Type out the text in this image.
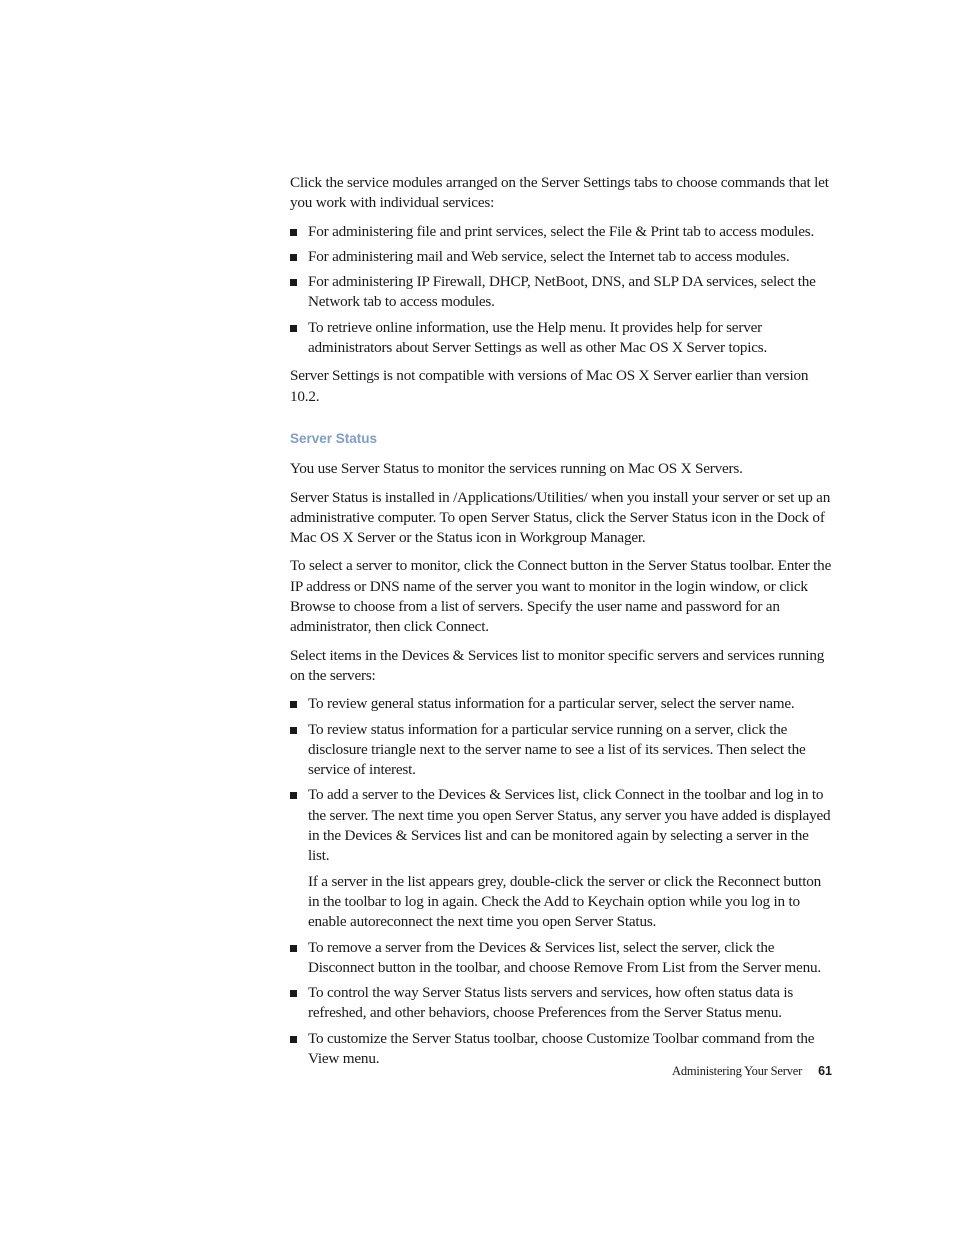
Click the service modules arranged on the Server Settings tabs to choose commands that let you work with individual services:

For administering file and print services, select the File & Print tab to access modules.
For administering mail and Web service, select the Internet tab to access modules.
For administering IP Firewall, DHCP, NetBoot, DNS, and SLP DA services, select the Network tab to access modules.
To retrieve online information, use the Help menu. It provides help for server administrators about Server Settings as well as other Mac OS X Server topics.

Server Settings is not compatible with versions of Mac OS X Server earlier than version 10.2.

Server Status

You use Server Status to monitor the services running on Mac OS X Servers.

Server Status is installed in /Applications/Utilities/ when you install your server or set up an administrative computer. To open Server Status, click the Server Status icon in the Dock of Mac OS X Server or the Status icon in Workgroup Manager.

To select a server to monitor, click the Connect button in the Server Status toolbar. Enter the IP address or DNS name of the server you want to monitor in the login window, or click Browse to choose from a list of servers. Specify the user name and password for an administrator, then click Connect.

Select items in the Devices & Services list to monitor specific servers and services running on the servers:

To review general status information for a particular server, select the server name.
To review status information for a particular service running on a server, click the disclosure triangle next to the server name to see a list of its services. Then select the service of interest.
To add a server to the Devices & Services list, click Connect in the toolbar and log in to the server. The next time you open Server Status, any server you have added is displayed in the Devices & Services list and can be monitored again by selecting a server in the list.
If a server in the list appears grey, double-click the server or click the Reconnect button in the toolbar to log in again. Check the Add to Keychain option while you log in to enable autoreconnect the next time you open Server Status.
To remove a server from the Devices & Services list, select the server, click the Disconnect button in the toolbar, and choose Remove From List from the Server menu.
To control the way Server Status lists servers and services, how often status data is refreshed, and other behaviors, choose Preferences from the Server Status menu.
To customize the Server Status toolbar, choose Customize Toolbar command from the View menu.
Administering Your Server 61
